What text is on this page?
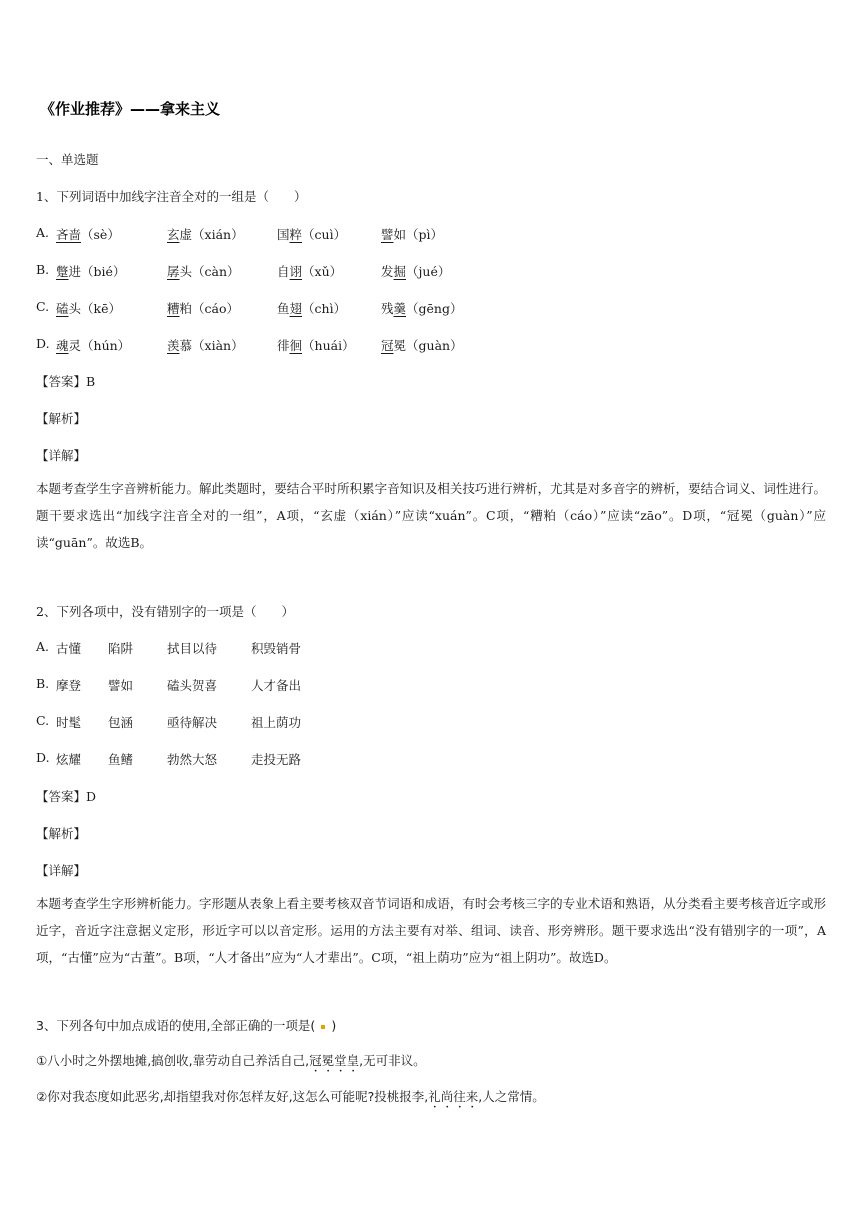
《作业推荐》——拿来主义
一、单选题
1、下列词语中加线字注音全对的一组是（　　）
A. 吝啬（sè）	玄虚（xián）	国粹（cuì）	譬如（pì）
B. 蹩进（bié）	孱头（càn）	自诩（xǔ）	发掘（jué）
C. 磕头（kē）	糟粕（cáo）	鱼翅（chì）	残羹（gēng）
D. 魂灵（hún）	羡慕（xiàn）	徘徊（huái） 冠冕（guàn）
【答案】B
【解析】
【详解】
本题考查学生字音辨析能力。解此类题时，要结合平时所积累字音知识及相关技巧进行辨析，尤其是对多音字的辨析，要结合词义、词性进行。题干要求选出“加线字注音全对的一组”，A项，“玄虚（xián）”应读“xuán”。C项，“糟粕（cáo）”应读“zāo”。D项，“冠冕（guàn）”应读“guān”。故选B。
2、下列各项中，没有错别字的一项是（　　）
A. 古懂 陷阱	拭目以待	积毁销骨
B. 摩登 譬如	磕头贺喜	人才备出
C. 时髦 包涵	亟待解决	祖上荫功
D. 炫耀 鱼鳍	勃然大怒	走投无路
【答案】D
【解析】
【详解】
本题考查学生字形辨析能力。字形题从表象上看主要考核双音节词语和成语，有时会考核三字的专业术语和熟语，从分类看主要考核音近字或形近字，音近字注意据义定形，形近字可以以音定形。运用的方法主要有对举、组词、读音、形旁辨形。题干要求选出“没有错别字的一项”，A项，“古懂”应为“古董”。B项，“人才备出”应为“人才辈出”。C项，“祖上荫功”应为“祖上阴功”。故选D。
3、下列各句中加点成语的使用,全部正确的一项是( )
①八小时之外摆地摊,搞创收,靠劳动自己养活自己,冠冕堂皇,无可非议。
②你对我态度如此恶劣,却指望我对你怎样友好,这怎么可能呢?投桃报李,礼尚往来,人之常情。
